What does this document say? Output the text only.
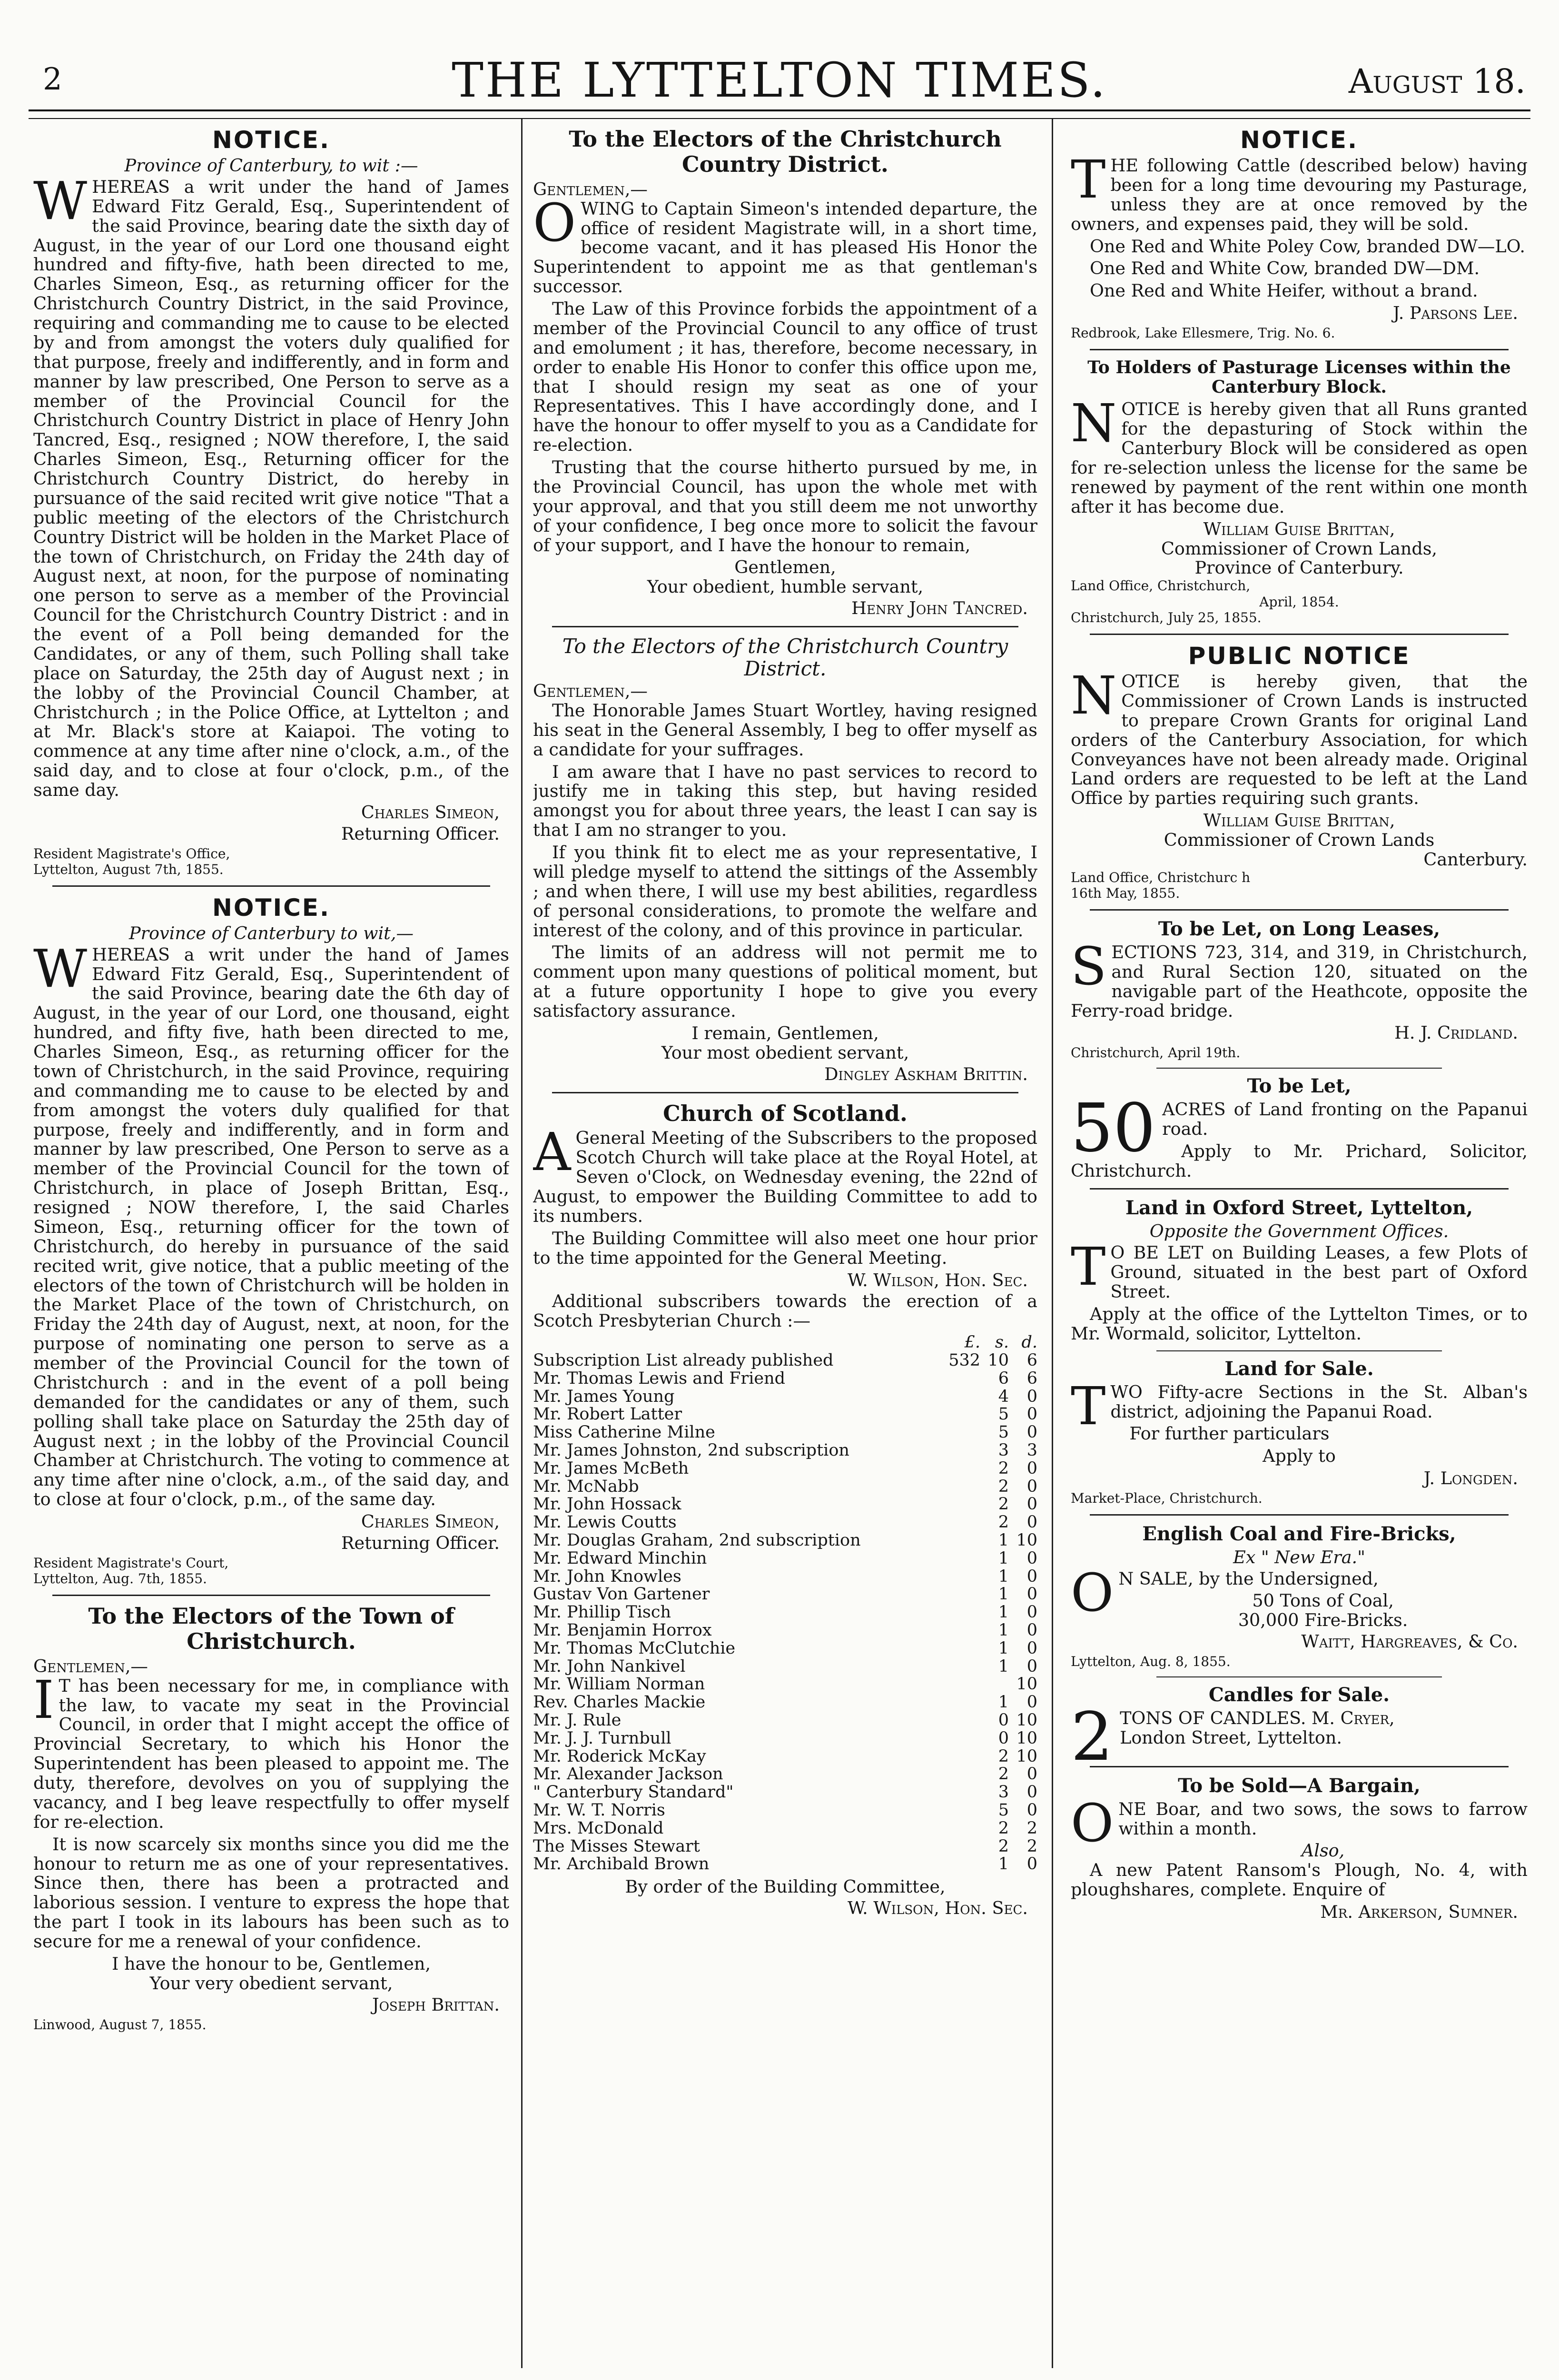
2	THE LYTTELTON TIMES.	August 18.
NOTICE.
Province of Canterbury, to wit :—

WHEREAS a writ under the hand of James Edward Fitz Gerald, Esq., Superintendent of the said Province, bearing date the sixth day of August, in the year of our Lord one thousand eight hundred and fifty-five, hath been directed to me, Charles Simeon, Esq., as returning officer for the Christchurch Country District, in the said Province, requiring and commanding me to cause to be elected by and from amongst the voters duly qualified for that purpose, freely and indifferently, and in form and manner by law prescribed, One Person to serve as a member of the Provincial Council for the Christchurch Country District in place of Henry John Tancred, Esq., resigned ; NOW therefore, I, the said Charles Simeon, Esq., Returning officer for the Christchurch Country District, do hereby in pursuance of the said recited writ give notice "That a public meeting of the electors of the Christchurch Country District will be holden in the Market Place of the town of Christchurch, on Friday the 24th day of August next, at noon, for the purpose of nominating one person to serve as a member of the Provincial Council for the Christchurch Country District : and in the event of a Poll being demanded for the Candidates, or any of them, such Polling shall take place on Saturday, the 25th day of August next ; in the lobby of the Provincial Council Chamber, at Christchurch ; in the Police Office, at Lyttelton ; and at Mr. Black's store at Kaiapoi. The voting to commence at any time after nine o'clock, a.m., of the said day, and to close at four o'clock, p.m., of the same day.

Charles Simeon,
Returning Officer.
Resident Magistrate's Office,
Lyttelton, August 7th, 1855.
NOTICE.
Province of Canterbury to wit,—

WHEREAS a writ under the hand of James Edward Fitz Gerald, Esq., Superintendent of the said Province, bearing date the 6th day of August, in the year of our Lord, one thousand, eight hundred, and fifty five, hath been directed to me, Charles Simeon, Esq., as returning officer for the town of Christchurch, in the said Province, requiring and commanding me to cause to be elected by and from amongst the voters duly qualified for that purpose, freely and indifferently, and in form and manner by law prescribed, One Person to serve as a member of the Provincial Council for the town of Christchurch, in place of Joseph Brittan, Esq., resigned ; NOW therefore, I, the said Charles Simeon, Esq., returning officer for the town of Christchurch, do hereby in pursuance of the said recited writ, give notice, that a public meeting of the electors of the town of Christchurch will be holden in the Market Place of the town of Christchurch, on Friday the 24th day of August, next, at noon, for the purpose of nominating one person to serve as a member of the Provincial Council for the town of Christchurch : and in the event of a poll being demanded for the candidates or any of them, such polling shall take place on Saturday the 25th day of August next ; in the lobby of the Provincial Council Chamber at Christchurch. The voting to commence at any time after nine o'clock, a.m., of the said day, and to close at four o'clock, p.m., of the same day.

Charles Simeon,
Returning Officer.
Resident Magistrate's Court,
Lyttelton, Aug. 7th, 1855.
To the Electors of the Town of Christchurch.
Gentlemen,—

I T has been necessary for me, in compliance with the law, to vacate my seat in the Provincial Council, in order that I might accept the office of Provincial Secretary, to which his Honor the Superintendent has been pleased to appoint me. The duty, therefore, devolves on you of supplying the vacancy, and I beg leave respectfully to offer myself for re-election.

It is now scarcely six months since you did me the honour to return me as one of your representatives. Since then, there has been a protracted and laborious session. I venture to express the hope that the part I took in its labours has been such as to secure for me a renewal of your confidence.

I have the honour to be, Gentlemen,
Your very obedient servant,
Joseph Brittan.
Linwood, August 7, 1855.
To the Electors of the Christchurch Country District.
Gentlemen,—

OWING to Captain Simeon's intended departure, the office of resident Magistrate will, in a short time, become vacant, and it has pleased His Honor the Superintendent to appoint me as that gentleman's successor.

The Law of this Province forbids the appointment of a member of the Provincial Council to any office of trust and emolument ; it has, therefore, become necessary, in order to enable His Honor to confer this office upon me, that I should resign my seat as one of your Representatives. This I have accordingly done, and I have the honour to offer myself to you as a Candidate for re-election.

Trusting that the course hitherto pursued by me, in the Provincial Council, has upon the whole met with your approval, and that you still deem me not unworthy of your confidence, I beg once more to solicit the favour of your support, and I have the honour to remain,

Gentlemen,
Your obedient, humble servant,
Henry John Tancred.
To the Electors of the Christchurch Country District.
Gentlemen,—

The Honorable James Stuart Wortley, having resigned his seat in the General Assembly, I beg to offer myself as a candidate for your suffrages.

I am aware that I have no past services to record to justify me in taking this step, but having resided amongst you for about three years, the least I can say is that I am no stranger to you.

If you think fit to elect me as your representative, I will pledge myself to attend the sittings of the Assembly ; and when there, I will use my best abilities, regardless of personal considerations, to promote the welfare and interest of the colony, and of this province in particular.

The limits of an address will not permit me to comment upon many questions of political moment, but at a future opportunity I hope to give you every satisfactory assurance.

I remain, Gentlemen,
Your most obedient servant,
Dingley Askham Brittin.
Church of Scotland.

A General Meeting of the Subscribers to the proposed Scotch Church will take place at the Royal Hotel, at Seven o'Clock, on Wednesday evening, the 22nd of August, to empower the Building Committee to add to its numbers.

The Building Committee will also meet one hour prior to the time appointed for the General Meeting.

W. Wilson, Hon. Sec.

Additional subscribers towards the erection of a Scotch Presbyterian Church :—

		£.	s.	d.
Subscription List already published		532	10	6
Mr. Thomas Lewis and Friend			6	6
Mr. James Young			4	0
Mr. Robert Latter			5	0
Miss Catherine Milne			5	0
Mr. James Johnston, 2nd subscription			3	3
Mr. James McBeth			2	0
Mr. McNabb			2	0
Mr. John Hossack			2	0
Mr. Lewis Coutts			2	0
Mr. Douglas Graham, 2nd subscription			1	10
Mr. Edward Minchin			1	0
Mr. John Knowles			1	0
Gustav Von Gartener			1	0
Mr. Phillip Tisch			1	0
Mr. Benjamin Horrox			1	0
Mr. Thomas McClutchie			1	0
Mr. John Nankivel			1	0
Mr. William Norman				10
Rev. Charles Mackie			1	0
Mr. J. Rule			0	10
Mr. J. J. Turnbull			0	10
Mr. Roderick McKay			2	10
Mr. Alexander Jackson			2	0
" Canterbury Standard"			3	0
Mr. W. T. Norris			5	0
Mrs. McDonald			2	2
The Misses Stewart			2	2
Mr. Archibald Brown			1	0
By order of the Building Committee,
W. Wilson, Hon. Sec.
NOTICE.

THE following Cattle (described below) having been for a long time devouring my Pasturage, unless they are at once removed by the owners, and expenses paid, they will be sold.

One Red and White Poley Cow, branded DW—LO.

One Red and White Cow, branded DW—DM.

One Red and White Heifer, without a brand.

J. Parsons Lee.
Redbrook, Lake Ellesmere, Trig. No. 6.
To Holders of Pasturage Licenses within the Canterbury Block.

NOTICE is hereby given that all Runs granted for the depasturing of Stock within the Canterbury Block will be considered as open for re-selection unless the license for the same be renewed by payment of the rent within one month after it has become due.

William Guise Brittan,
Commissioner of Crown Lands,
Province of Canterbury.
Land Office, Christchurch,
April, 1854.
Christchurch, July 25, 1855.
PUBLIC NOTICE

NOTICE is hereby given, that the Commissioner of Crown Lands is instructed to prepare Crown Grants for original Land orders of the Canterbury Association, for which Conveyances have not been already made. Original Land orders are requested to be left at the Land Office by parties requiring such grants.

William Guise Brittan,
Commissioner of Crown Lands
Canterbury.
Land Office, Christchurc h
16th May, 1855.
To be Let, on Long Leases,

SECTIONS 723, 314, and 319, in Christchurch, and Rural Section 120, situated on the navigable part of the Heathcote, opposite the Ferry-road bridge.

H. J. Cridland.
Christchurch, April 19th.
To be Let,

50 ACRES of Land fronting on the Papanui road.

Apply to Mr. Prichard, Solicitor, Christchurch.

Land in Oxford Street, Lyttelton,
Opposite the Government Offices.

T O BE LET on Building Leases, a few Plots of Ground, situated in the best part of Oxford Street.

Apply at the office of the Lyttelton Times, or to Mr. Wormald, solicitor, Lyttelton.

Land for Sale.

TWO Fifty-acre Sections in the St. Alban's district, adjoining the Papanui Road.

For further particulars

Apply to

J. Longden.
Market-Place, Christchurch.
English Coal and Fire-Bricks,
Ex " New Era."

O N SALE, by the Undersigned,

50 Tons of Coal,
30,000 Fire-Bricks.
Waitt, Hargreaves, & Co.
Lyttelton, Aug. 8, 1855.
Candles for Sale.

2 TONS OF CANDLES. M. Cryer,
London Street, Lyttelton.

To be Sold—A Bargain,

ONE Boar, and two sows, the sows to farrow within a month.

Also,

A new Patent Ransom's Plough, No. 4, with ploughshares, complete. Enquire of

Mr. Arkerson, Sumner.
